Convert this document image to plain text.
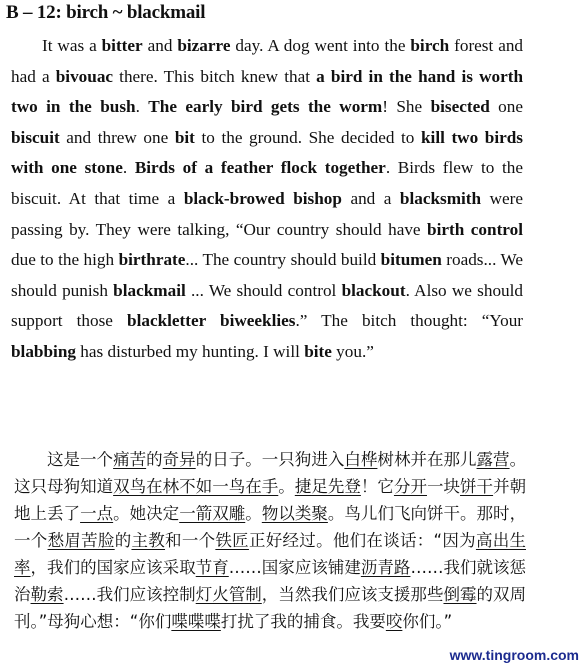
B – 12: birch ~ blackmail
It was a bitter and bizarre day. A dog went into the birch forest and had a bivouac there. This bitch knew that a bird in the hand is worth two in the bush. The early bird gets the worm! She bisected one biscuit and threw one bit to the ground. She decided to kill two birds with one stone. Birds of a feather flock together. Birds flew to the biscuit. At that time a black-browed bishop and a blacksmith were passing by. They were talking, “Our country should have birth control due to the high birthrate... The country should build bitumen roads... We should punish blackmail ... We should control blackout. Also we should support those blackletter biweeklies.” The bitch thought: “Your blabbing has disturbed my hunting. I will bite you.”
这是一个痛苦的奇异的日子。一只狗进入白桦树林并在那儿露营。这只母狗知道双鸟在林不如一鸟在手。捷足先登！它分开一块饼干并朝地上丢了一点。她决定一箭双雕。物以类聚。鸟儿们飞向饼干。那时，一个愁眉苦脸的主教和一个铁匠正好经过。他们在谈话：“因为高出生率，我们的国家应该采取节育……国家应该铺建沥青路……我们就该惩治勒索……我们应该控制灯火管制，当然我们应该支援那些倒霉的双周刊。”母狗心想：“你们喋喋喋打扰了我的捕食。我要咬你们。”
www.tingroom.com
